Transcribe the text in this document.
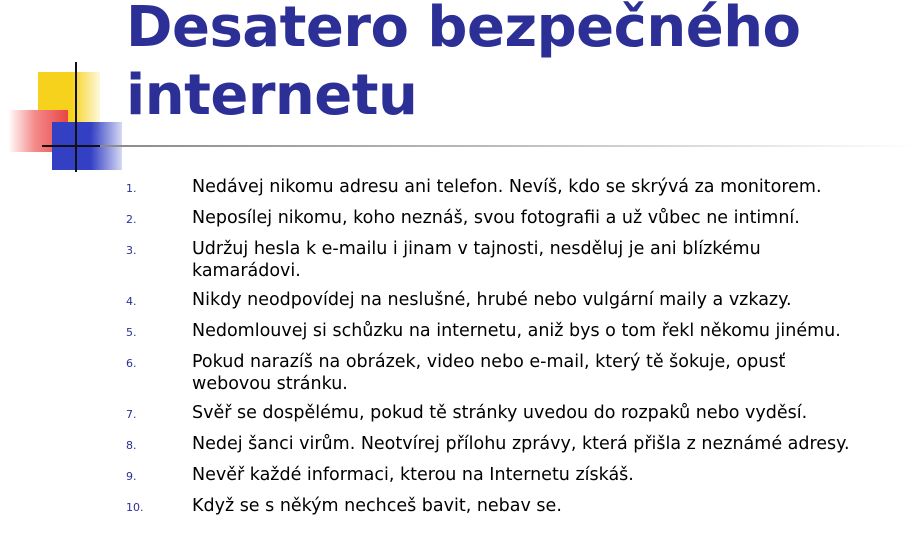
Desatero bezpečného internetu
1.	Nedávej nikomu adresu ani telefon. Nevíš, kdo se skrývá za monitorem.
2.	Neposílej nikomu, koho neznáš, svou fotografii a už vůbec ne intimní.
3.	Udržuj hesla k e-mailu i jinam v tajnosti, nesděluj je ani blízkému
kamarádovi.
4.	Nikdy neodpovídej na neslušné, hrubé nebo vulgární maily a vzkazy.
5.	Nedomlouvej si schůzku na internetu, aniž bys o tom řekl někomu jinému.
6.	Pokud narazíš na obrázek, video nebo e-mail, který tě šokuje, opusť
webovou stránku.
7.	Svěř se dospělému, pokud tě stránky uvedou do rozpaků nebo vyděsí.
8.	Nedej šanci virům. Neotvírej přílohu zprávy, která přišla z neznámé adresy.
9.	Nevěř každé informaci, kterou na Internetu získáš.
10.	Když se s někým nechceš bavit, nebav se.
